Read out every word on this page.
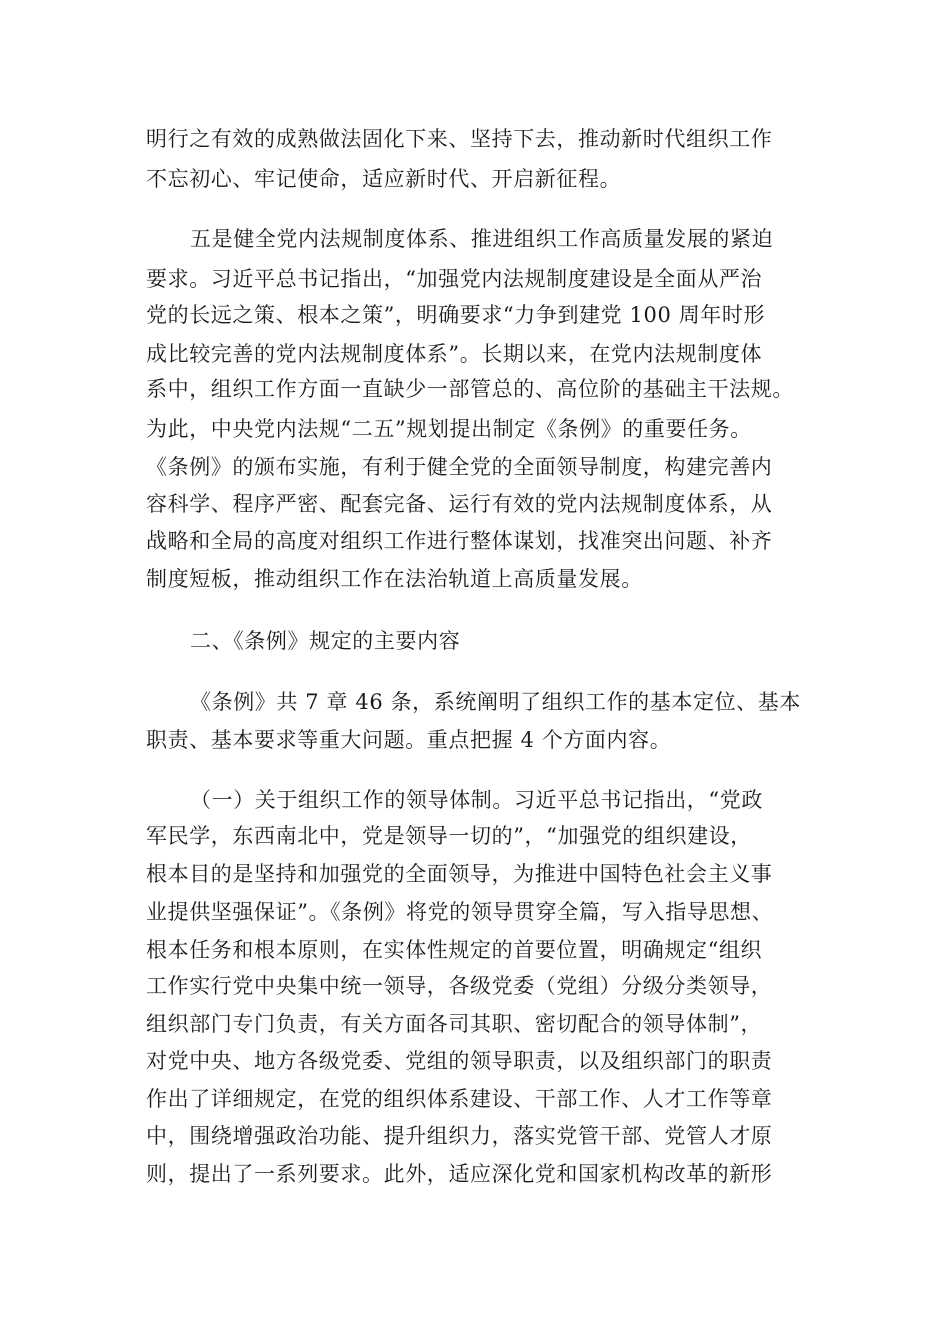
明行之有效的成熟做法固化下来、坚持下去，推动新时代组织工作

不忘初心、牢记使命，适应新时代、开启新征程。

五是健全党内法规制度体系、推进组织工作高质量发展的紧迫

要求。习近平总书记指出，“加强党内法规制度建设是全面从严治

党的长远之策、根本之策”，明确要求“力争到建党 100 周年时形

成比较完善的党内法规制度体系”。长期以来，在党内法规制度体

系中，组织工作方面一直缺少一部管总的、高位阶的基础主干法规。

为此，中央党内法规“二五”规划提出制定《条例》的重要任务。

《条例》的颁布实施，有利于健全党的全面领导制度，构建完善内

容科学、程序严密、配套完备、运行有效的党内法规制度体系，从

战略和全局的高度对组织工作进行整体谋划，找准突出问题、补齐

制度短板，推动组织工作在法治轨道上高质量发展。

二、《条例》规定的主要内容

《条例》共 7 章 46 条，系统阐明了组织工作的基本定位、基本

职责、基本要求等重大问题。重点把握 4 个方面内容。

（一）关于组织工作的领导体制。习近平总书记指出，“党政

军民学，东西南北中，党是领导一切的”，“加强党的组织建设，

根本目的是坚持和加强党的全面领导，为推进中国特色社会主义事

业提供坚强保证”。《条例》将党的领导贯穿全篇，写入指导思想、

根本任务和根本原则，在实体性规定的首要位置，明确规定“组织

工作实行党中央集中统一领导，各级党委（党组）分级分类领导，

组织部门专门负责，有关方面各司其职、密切配合的领导体制”，

对党中央、地方各级党委、党组的领导职责，以及组织部门的职责

作出了详细规定，在党的组织体系建设、干部工作、人才工作等章

中，围绕增强政治功能、提升组织力，落实党管干部、党管人才原

则，提出了一系列要求。此外，适应深化党和国家机构改革的新形
